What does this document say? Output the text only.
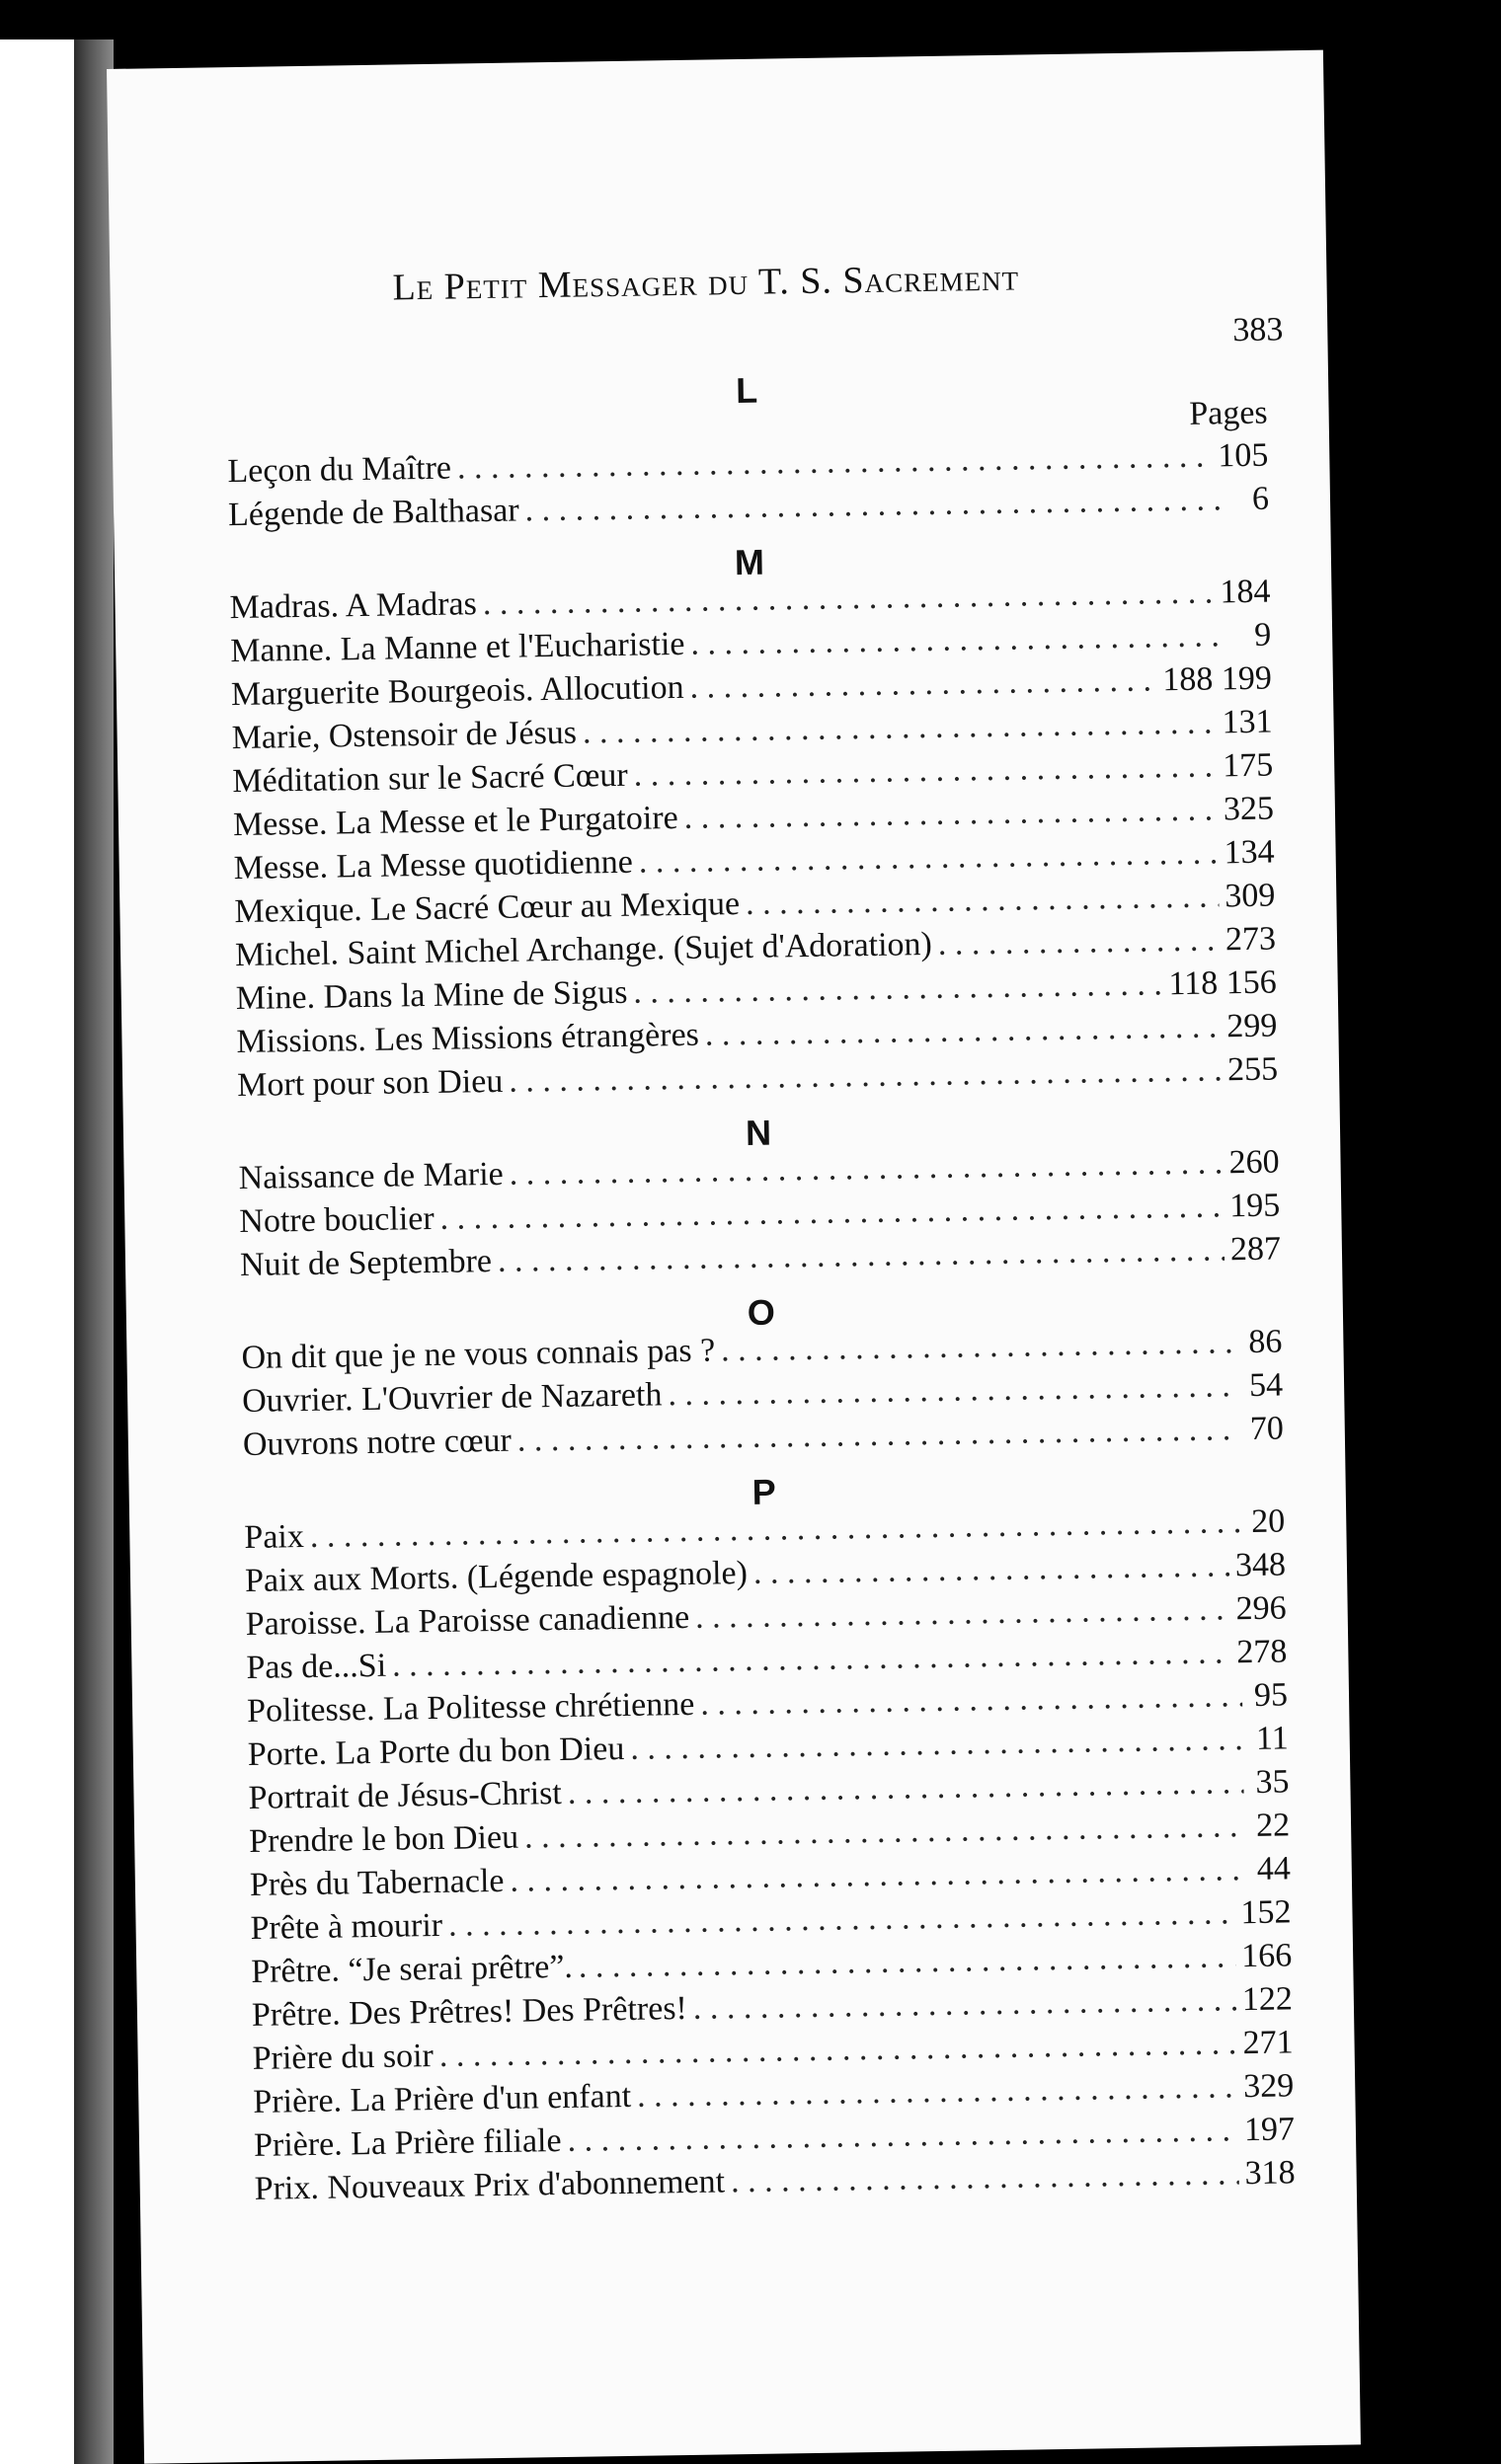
Le Petit Messager du T. S. Sacrement
383
L
Pages
Leçon du Maître . . .	105
Légende de Balthasar . . .	6
M
Madras. A Madras . . .	184
Manne. La Manne et l'Eucharistie . . .	9
Marguerite Bourgeois. Allocution . . .	188 199
Marie, Ostensoir de Jésus . . .	131
Méditation sur le Sacré Cœur . . .	175
Messe. La Messe et le Purgatoire . . .	325
Messe. La Messe quotidienne . . .	134
Mexique. Le Sacré Cœur au Mexique . . .	309
Michel. Saint Michel Archange. (Sujet d'Adoration) . . .	273
Mine. Dans la Mine de Sigus . . .	118 156
Missions. Les Missions étrangères . . .	299
Mort pour son Dieu . . .	255
N
Naissance de Marie . . .	260
Notre bouclier . . .	195
Nuit de Septembre . . .	287
O
On dit que je ne vous connais pas ? . . .	86
Ouvrier. L'Ouvrier de Nazareth . . .	54
Ouvrons notre cœur . . .	70
P
Paix . . .	20
Paix aux Morts. (Légende espagnole) . . .	348
Paroisse. La Paroisse canadienne . . .	296
Pas de...Si . . .	278
Politesse. La Politesse chrétienne . . .	95
Porte. La Porte du bon Dieu . . .	11
Portrait de Jésus-Christ . . .	35
Prendre le bon Dieu . . .	22
Près du Tabernacle . . .	44
Prête à mourir . . .	152
Prêtre. “Je serai prêtre”. . . .	166
Prêtre. Des Prêtres! Des Prêtres! . . .	122
Prière du soir . . .	271
Prière. La Prière d'un enfant . . .	329
Prière. La Prière filiale . . .	197
Prix. Nouveaux Prix d'abonnement . . .	318
